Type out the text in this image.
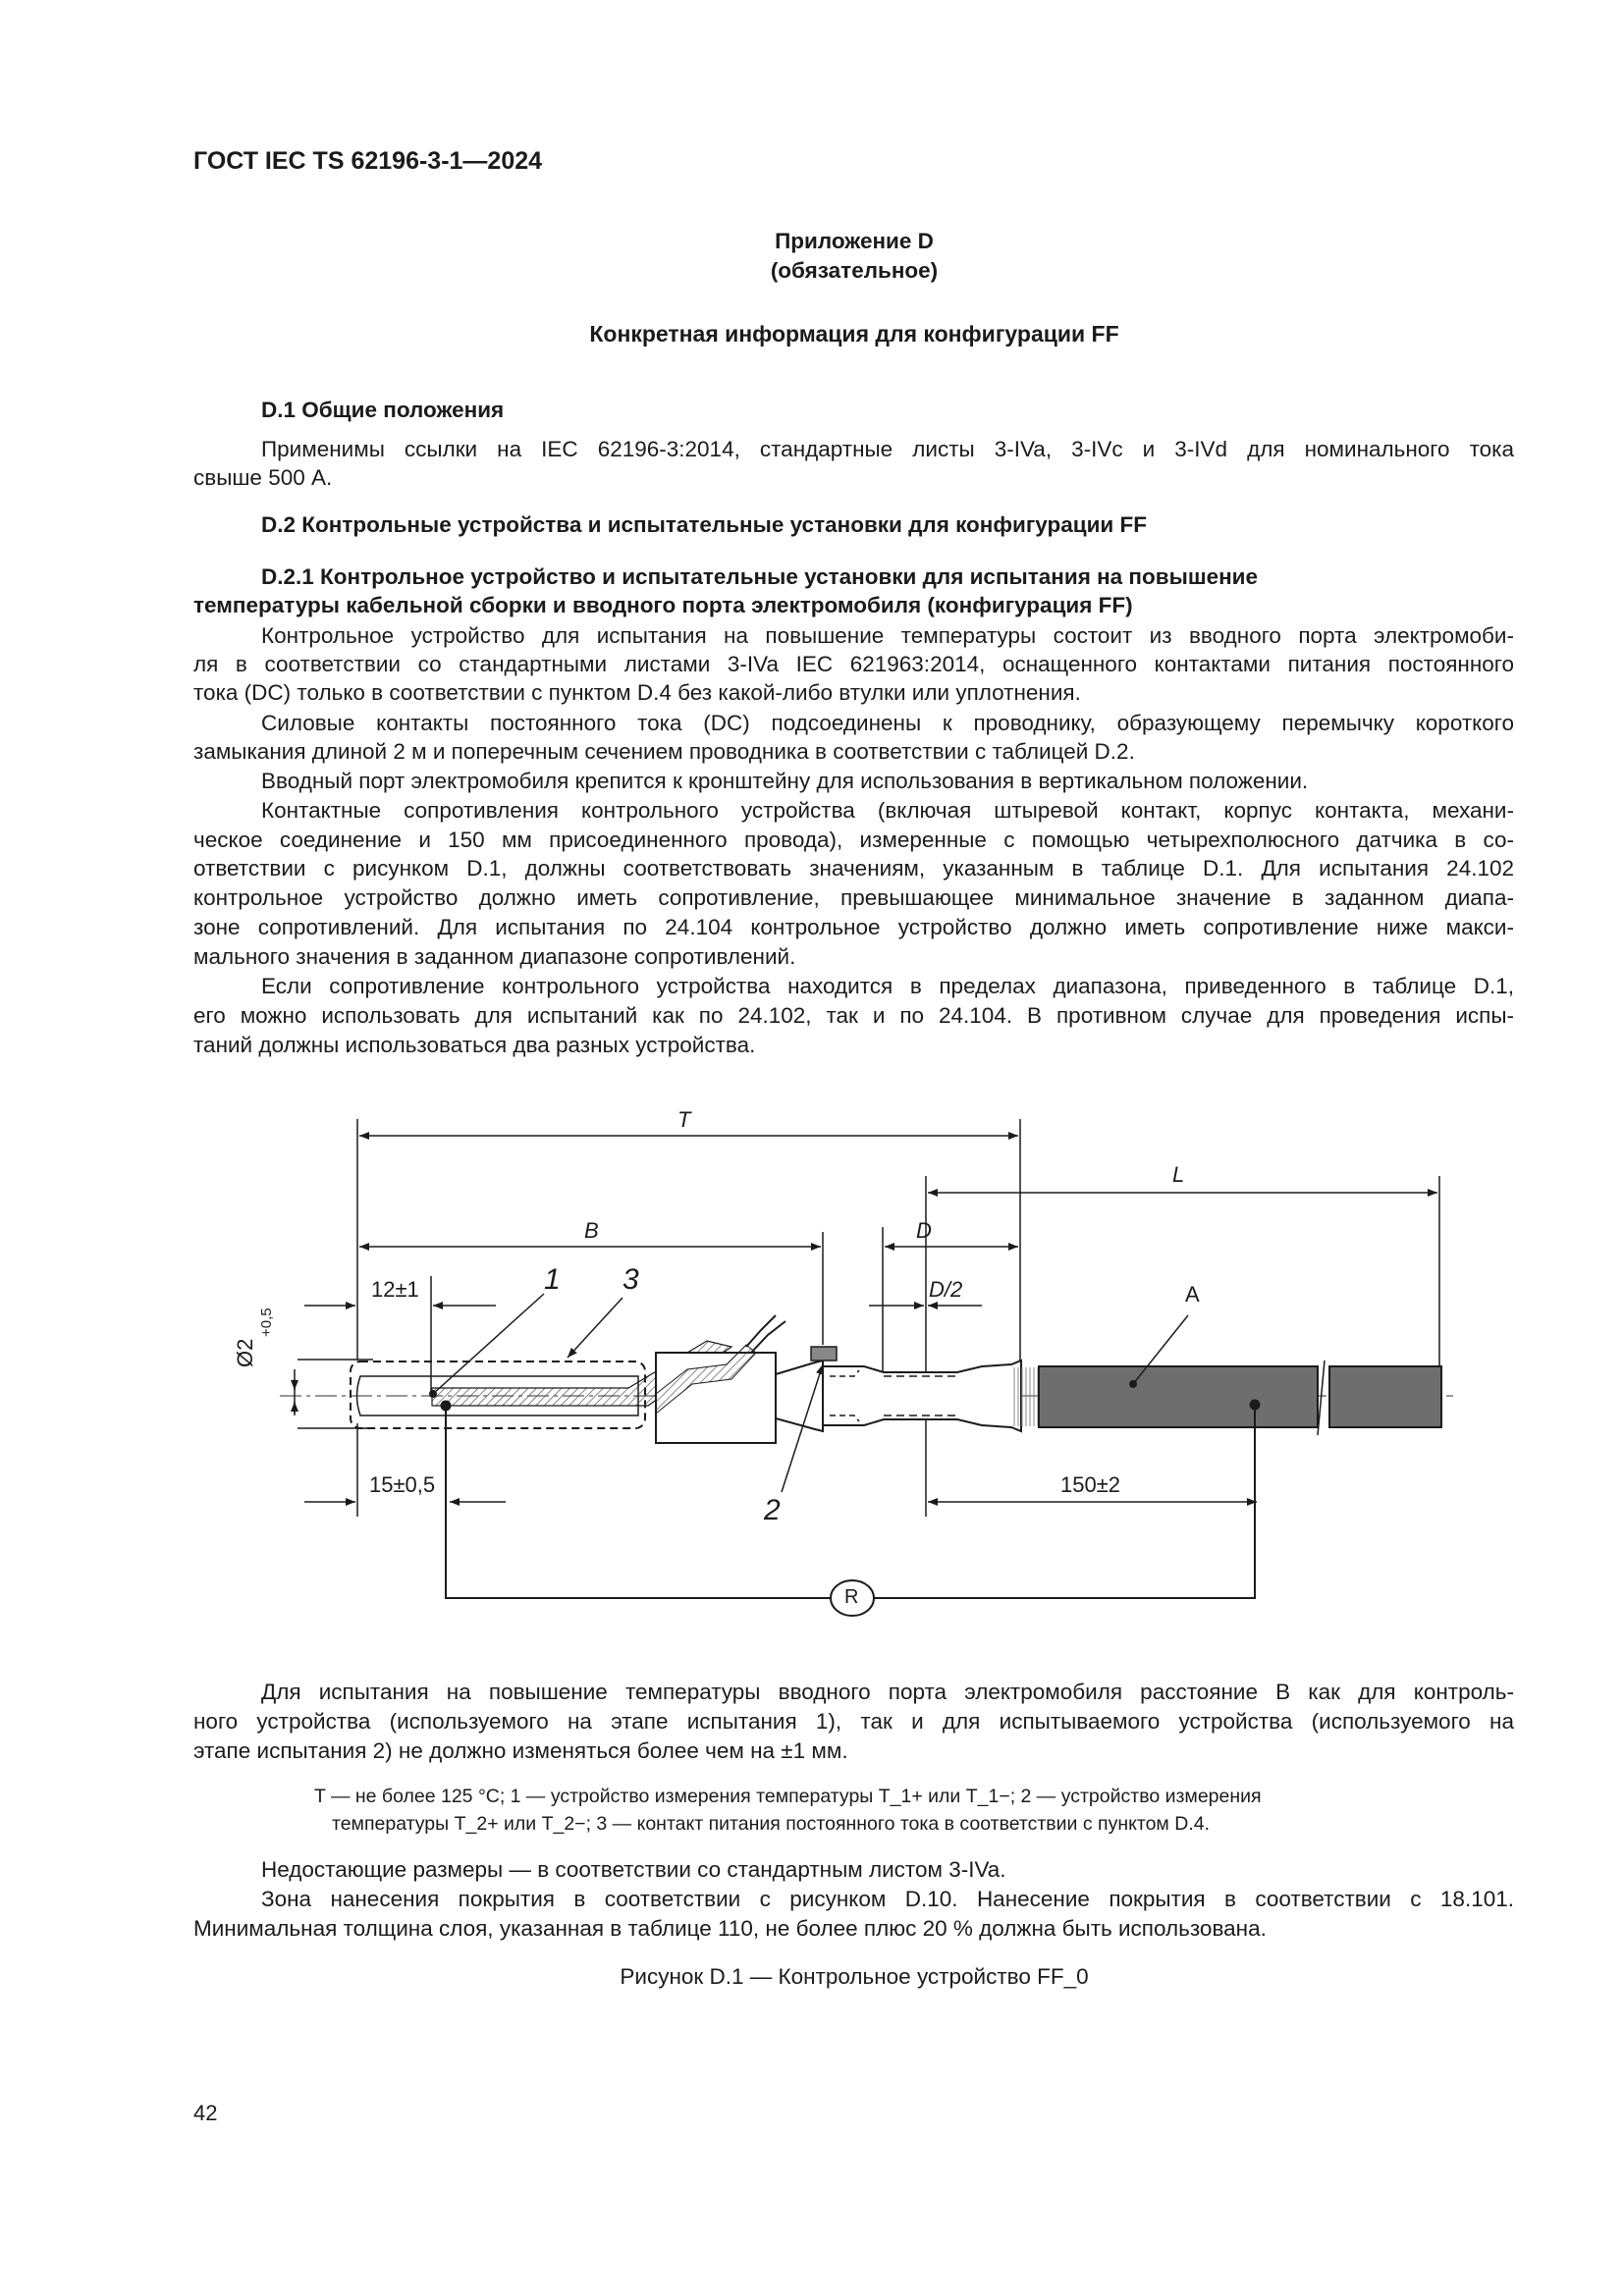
ГОСТ IEC TS 62196-3-1—2024
Приложение D
(обязательное)
Конкретная информация для конфигурации FF
D.1 Общие положения
Применимы ссылки на IEC 62196-3:2014, стандартные листы 3-IVa, 3-IVc и 3-IVd для номинального тока
свыше 500 А.
D.2 Контрольные устройства и испытательные установки для конфигурации FF
D.2.1 Контрольное устройство и испытательные установки для испытания на повышение
температуры кабельной сборки и вводного порта электромобиля (конфигурация FF)
Контрольное устройство для испытания на повышение температуры состоит из вводного порта электромоби-
ля в соответствии со стандартными листами 3-IVa IEC 621963:2014, оснащенного контактами питания постоянного
тока (DC) только в соответствии с пунктом D.4 без какой-либо втулки или уплотнения.
Силовые контакты постоянного тока (DC) подсоединены к проводнику, образующему перемычку короткого
замыкания длиной 2 м и поперечным сечением проводника в соответствии с таблицей D.2.
Вводный порт электромобиля крепится к кронштейну для использования в вертикальном положении.
Контактные сопротивления контрольного устройства (включая штыревой контакт, корпус контакта, механи-
ческое соединение и 150 мм присоединенного провода), измеренные с помощью четырехполюсного датчика в со-
ответствии с рисунком D.1, должны соответствовать значениям, указанным в таблице D.1. Для испытания 24.102
контрольное устройство должно иметь сопротивление, превышающее минимальное значение в заданном диапа-
зоне сопротивлений. Для испытания по 24.104 контрольное устройство должно иметь сопротивление ниже макси-
мального значения в заданном диапазоне сопротивлений.
Если сопротивление контрольного устройства находится в пределах диапазона, приведенного в таблице D.1,
его можно использовать для испытаний как по 24.102, так и по 24.104. В противном случае для проведения испы-
таний должны использоваться два разных устройства.
T
L
B	D
D/2
12±1
15±0,5	150±2
Ø2
+0,5
1 3
2
A
R
Для испытания на повышение температуры вводного порта электромобиля расстояние B как для контроль-
ного устройства (используемого на этапе испытания 1), так и для испытываемого устройства (используемого на
этапе испытания 2) не должно изменяться более чем на ±1 мм.
T — не более 125 °C; 1 — устройство измерения температуры T_1+ или T_1−; 2 — устройство измерения
температуры T_2+ или T_2−; 3 — контакт питания постоянного тока в соответствии с пунктом D.4.
Недостающие размеры — в соответствии со стандартным листом 3-IVa.
Зона нанесения покрытия в соответствии с рисунком D.10. Нанесение покрытия в соответствии с 18.101.
Минимальная толщина слоя, указанная в таблице 110, не более плюс 20 % должна быть использована.
Рисунок D.1 — Контрольное устройство FF_0
42
